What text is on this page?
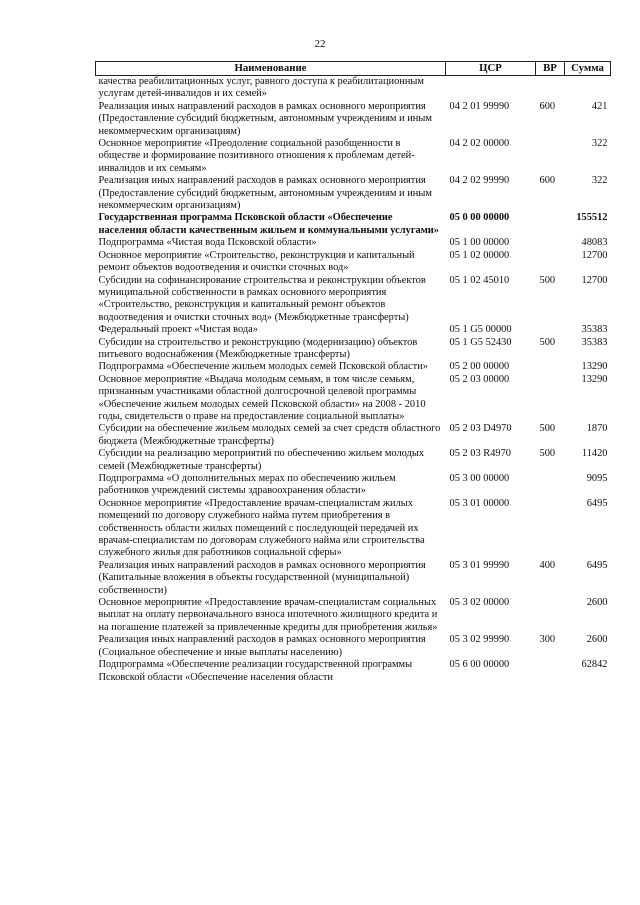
22
Наименование	ЦСР	ВР	Сумма
качества реабилитационных услуг, равного доступа к реабилитационным услугам детей-инвалидов и их семей»			
Реализация иных направлений расходов в рамках основного мероприятия (Предоставление субсидий бюджетным, автономным учреждениям и иным некоммерческим организациям)	04 2 01 99990	600	421
Основное мероприятие «Преодоление социальной разобщенности в обществе и формирование позитивного отношения к проблемам детей-инвалидов и их семьям»	04 2 02 00000		322
Реализация иных направлений расходов в рамках основного мероприятия (Предоставление субсидий бюджетным, автономным учреждениям и иным некоммерческим организациям)	04 2 02 99990	600	322
Государственная программа Псковской области «Обеспечение населения области качественным жильем и коммунальными услугами»	05 0 00 00000		155512
Подпрограмма «Чистая вода Псковской области»	05 1 00 00000		48083
Основное мероприятие «Строительство, реконструкция и капитальный ремонт объектов водоотведения и очистки сточных вод»	05 1 02 00000		12700
Субсидии на софинансирование строительства и реконструкции объектов муниципальной собственности в рамках основного мероприятия «Строительство, реконструкция и капитальный ремонт объектов водоотведения и очистки сточных вод» (Межбюджетные трансферты)	05 1 02 45010	500	12700
Федеральный проект «Чистая вода»	05 1 G5 00000		35383
Субсидии на строительство и реконструкцию (модернизацию) объектов питьевого водоснабжения (Межбюджетные трансферты)	05 1 G5 52430	500	35383
Подпрограмма «Обеспечение жильем молодых семей Псковской области»	05 2 00 00000		13290
Основное мероприятие «Выдача молодым семьям, в том числе семьям, признанным участниками областной долгосрочной целевой программы «Обеспечение жильем молодых семей Псковской области» на 2008 - 2010 годы, свидетельств о праве на предоставление социальной выплаты»	05 2 03 00000		13290
Субсидии на обеспечение жильем молодых семей за счет средств областного бюджета (Межбюджетные трансферты)	05 2 03 D4970	500	1870
Субсидии на реализацию мероприятий по обеспечению жильем молодых семей (Межбюджетные трансферты)	05 2 03 R4970	500	11420
Подпрограмма «О дополнительных мерах по обеспечению жильем работников учреждений системы здравоохранения области»	05 3 00 00000		9095
Основное мероприятие «Предоставление врачам-специалистам жилых помещений по договору служебного найма путем приобретения в собственность области жилых помещений с последующей передачей их врачам-специалистам по договорам служебного найма или строительства служебного жилья для работников социальной сферы»	05 3 01 00000		6495
Реализация иных направлений расходов в рамках основного мероприятия (Капитальные вложения в объекты государственной (муниципальной) собственности)	05 3 01 99990	400	6495
Основное мероприятие «Предоставление врачам-специалистам социальных выплат на оплату первоначального взноса ипотечного жилищного кредита и на погашение платежей за привлеченные кредиты для приобретения жилья»	05 3 02 00000		2600
Реализация иных направлений расходов в рамках основного мероприятия (Социальное обеспечение и иные выплаты населению)	05 3 02 99990	300	2600
Подпрограмма «Обеспечение реализации государственной программы Псковской области «Обеспечение населения области	05 6 00 00000		62842
